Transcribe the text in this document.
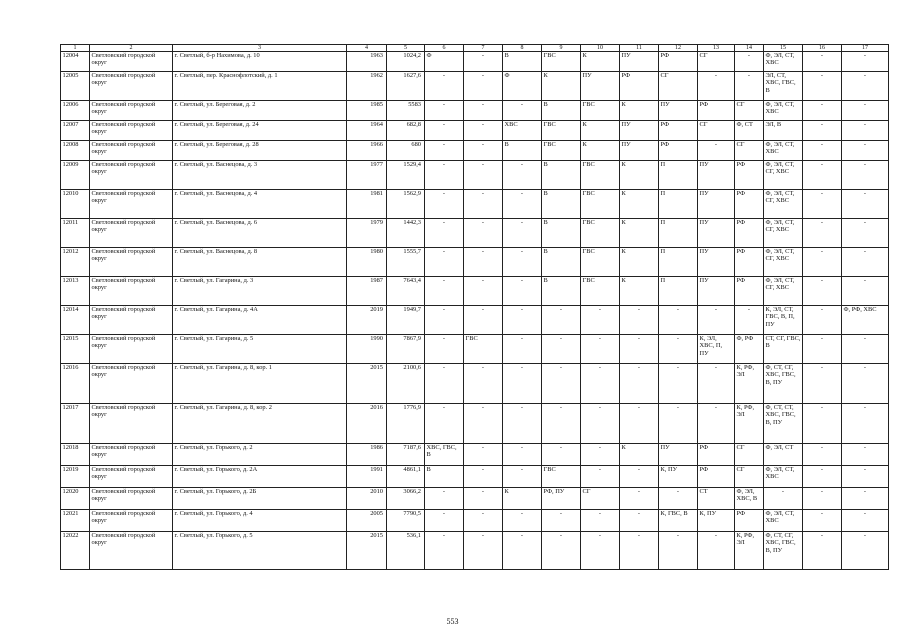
1	2	3	4	5	6	7	8	9	10	11	12	13	14	15	16	17
12004	Светловский городской округ	г. Светлый, б-р Нахимова, д. 10	1963	1024,2	Ф	-	В	ГВС	К	ПУ	РФ	СГ	-	Ф, ЭЛ, СТ, ХВС	-	-
12005	Светловский городской округ	г. Светлый, пер. Краснофлотский, д. 1	1962	1627,6	-	-	Ф	К	ПУ	РФ	СГ	-	-	ЭЛ, СТ, ХВС, ГВС, В	-	-
12006	Светловский городской округ	г. Светлый, ул. Береговая, д. 2	1985	5583	-	-	-	В	ГВС	К	ПУ	РФ	СГ	Ф, ЭЛ, СТ, ХВС	-	-
12007	Светловский городской округ	г. Светлый, ул. Береговая, д. 24	1964	682,8	-	-	ХВС	ГВС	К	ПУ	РФ	СГ	Ф, СТ	ЭЛ, В	-	-
12008	Светловский городской округ	г. Светлый, ул. Береговая, д. 28	1966	680	-	-	В	ГВС	К	ПУ	РФ	-	СГ	Ф, ЭЛ, СТ, ХВС	-	-
12009	Светловский городской округ	г. Светлый, ул. Васнецова, д. 3	1977	1529,4	-	-	-	В	ГВС	К	П	ПУ	РФ	Ф, ЭЛ, СТ, СГ, ХВС	-	-
12010	Светловский городской округ	г. Светлый, ул. Васнецова, д. 4	1981	1562,9	-	-	-	В	ГВС	К	П	ПУ	РФ	Ф, ЭЛ, СТ, СГ, ХВС	-	-
12011	Светловский городской округ	г. Светлый, ул. Васнецова, д. 6	1979	1442,3	-	-	-	В	ГВС	К	П	ПУ	РФ	Ф, ЭЛ, СТ, СГ, ХВС	-	-
12012	Светловский городской округ	г. Светлый, ул. Васнецова, д. 8	1980	1555,7	-	-	-	В	ГВС	К	П	ПУ	РФ	Ф, ЭЛ, СТ, СГ, ХВС	-	-
12013	Светловский городской округ	г. Светлый, ул. Гагарина, д. 3	1987	7643,4	-	-	-	В	ГВС	К	П	ПУ	РФ	Ф, ЭЛ, СТ, СГ, ХВС	-	-
12014	Светловский городской округ	г. Светлый, ул. Гагарина, д. 4А	2019	1949,7	-	-	-	-	-	-	-	-	-	К, ЭЛ, СТ, ГВС, В, П, ПУ	-	Ф, РФ, ХВС
12015	Светловский городской округ	г. Светлый, ул. Гагарина, д. 5	1990	7867,9	-	ГВС	-	-	-	-	-	К, ЭЛ, ХВС, П, ПУ	Ф, РФ	СТ, СГ, ГВС, В	-	-
12016	Светловский городской округ	г. Светлый, ул. Гагарина, д. 8, кор. 1	2015	2100,6	-	-	-	-	-	-	-	-	К, РФ, ЭЛ	Ф, СТ, СГ, ХВС, ГВС, В, ПУ	-	-
12017	Светловский городской округ	г. Светлый, ул. Гагарина, д. 8, кор. 2	2016	1776,9	-	-	-	-	-	-	-	-	К, РФ, ЭЛ	Ф, СТ, СТ, ХВС, ГВС, В, ПУ	-	-
12018	Светловский городской округ	г. Светлый, ул. Горького, д. 2	1986	7187,6	ХВС, ГВС, В	-	-	-	-	К	ПУ	РФ	СГ	Ф, ЭЛ, СТ	-	-
12019	Светловский городской округ	г. Светлый, ул. Горького, д. 2А	1991	4861,1	В	-	-	ГВС	-	-	К, ПУ	РФ	СГ	Ф, ЭЛ, СТ, ХВС	-	-
12020	Светловский городской округ	г. Светлый, ул. Горького, д. 2Б	2010	3066,2	-	-	К	РФ, ПУ	СГ	-	-	СТ	Ф, ЭЛ, ХВС, В	-	-	-
12021	Светловский городской округ	г. Светлый, ул. Горького, д. 4	2005	7790,5	-	-	-	-	-	-	К, ГВС, В	К, ПУ	РФ	Ф, ЭЛ, СТ, ХВС	-	-
12022	Светловский городской округ	г. Светлый, ул. Горького, д. 5	2015	536,1	-	-	-	-	-	-	-	-	К, РФ, ЭЛ	Ф, СТ, СГ, ХВС, ГВС, В, ПУ	-	-
553
